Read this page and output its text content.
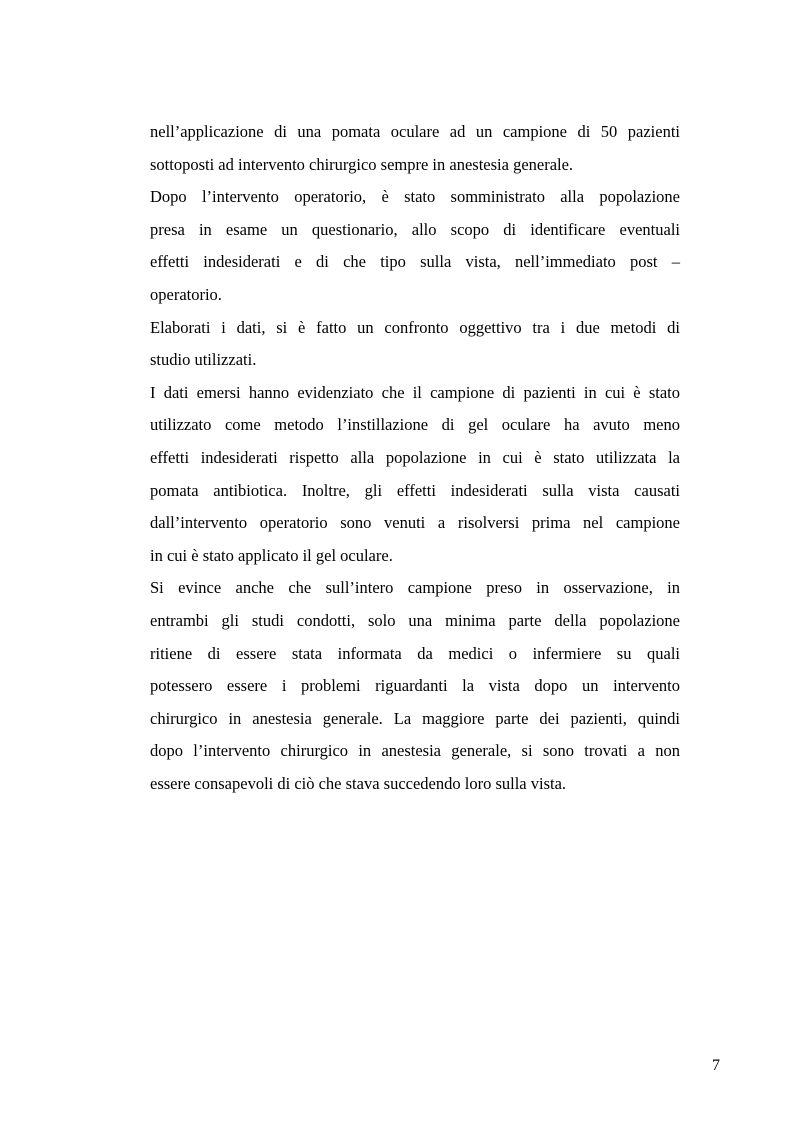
nell’applicazione di una pomata oculare ad un campione di 50 pazienti
sottoposti ad intervento chirurgico sempre in anestesia generale.
Dopo l’intervento operatorio, è stato somministrato alla popolazione
presa in esame un questionario, allo scopo di identificare eventuali
effetti indesiderati e di che tipo sulla vista, nell’immediato post –
operatorio.
Elaborati i dati, si è fatto un confronto oggettivo tra i due metodi di
studio utilizzati.
I dati emersi hanno evidenziato che il campione di pazienti in cui è stato
utilizzato come metodo l’instillazione di gel oculare ha avuto meno
effetti indesiderati rispetto alla popolazione in cui è stato utilizzata la
pomata antibiotica. Inoltre, gli effetti indesiderati sulla vista causati
dall’intervento operatorio sono venuti a risolversi prima nel campione
in cui è stato applicato il gel oculare.
Si evince anche che sull’intero campione preso in osservazione, in
entrambi gli studi condotti, solo una minima parte della popolazione
ritiene di essere stata informata da medici o infermiere su quali
potessero essere i problemi riguardanti la vista dopo un intervento
chirurgico in anestesia generale. La maggiore parte dei pazienti, quindi
dopo l’intervento chirurgico in anestesia generale, si sono trovati a non
essere consapevoli di ciò che stava succedendo loro sulla vista.
7
